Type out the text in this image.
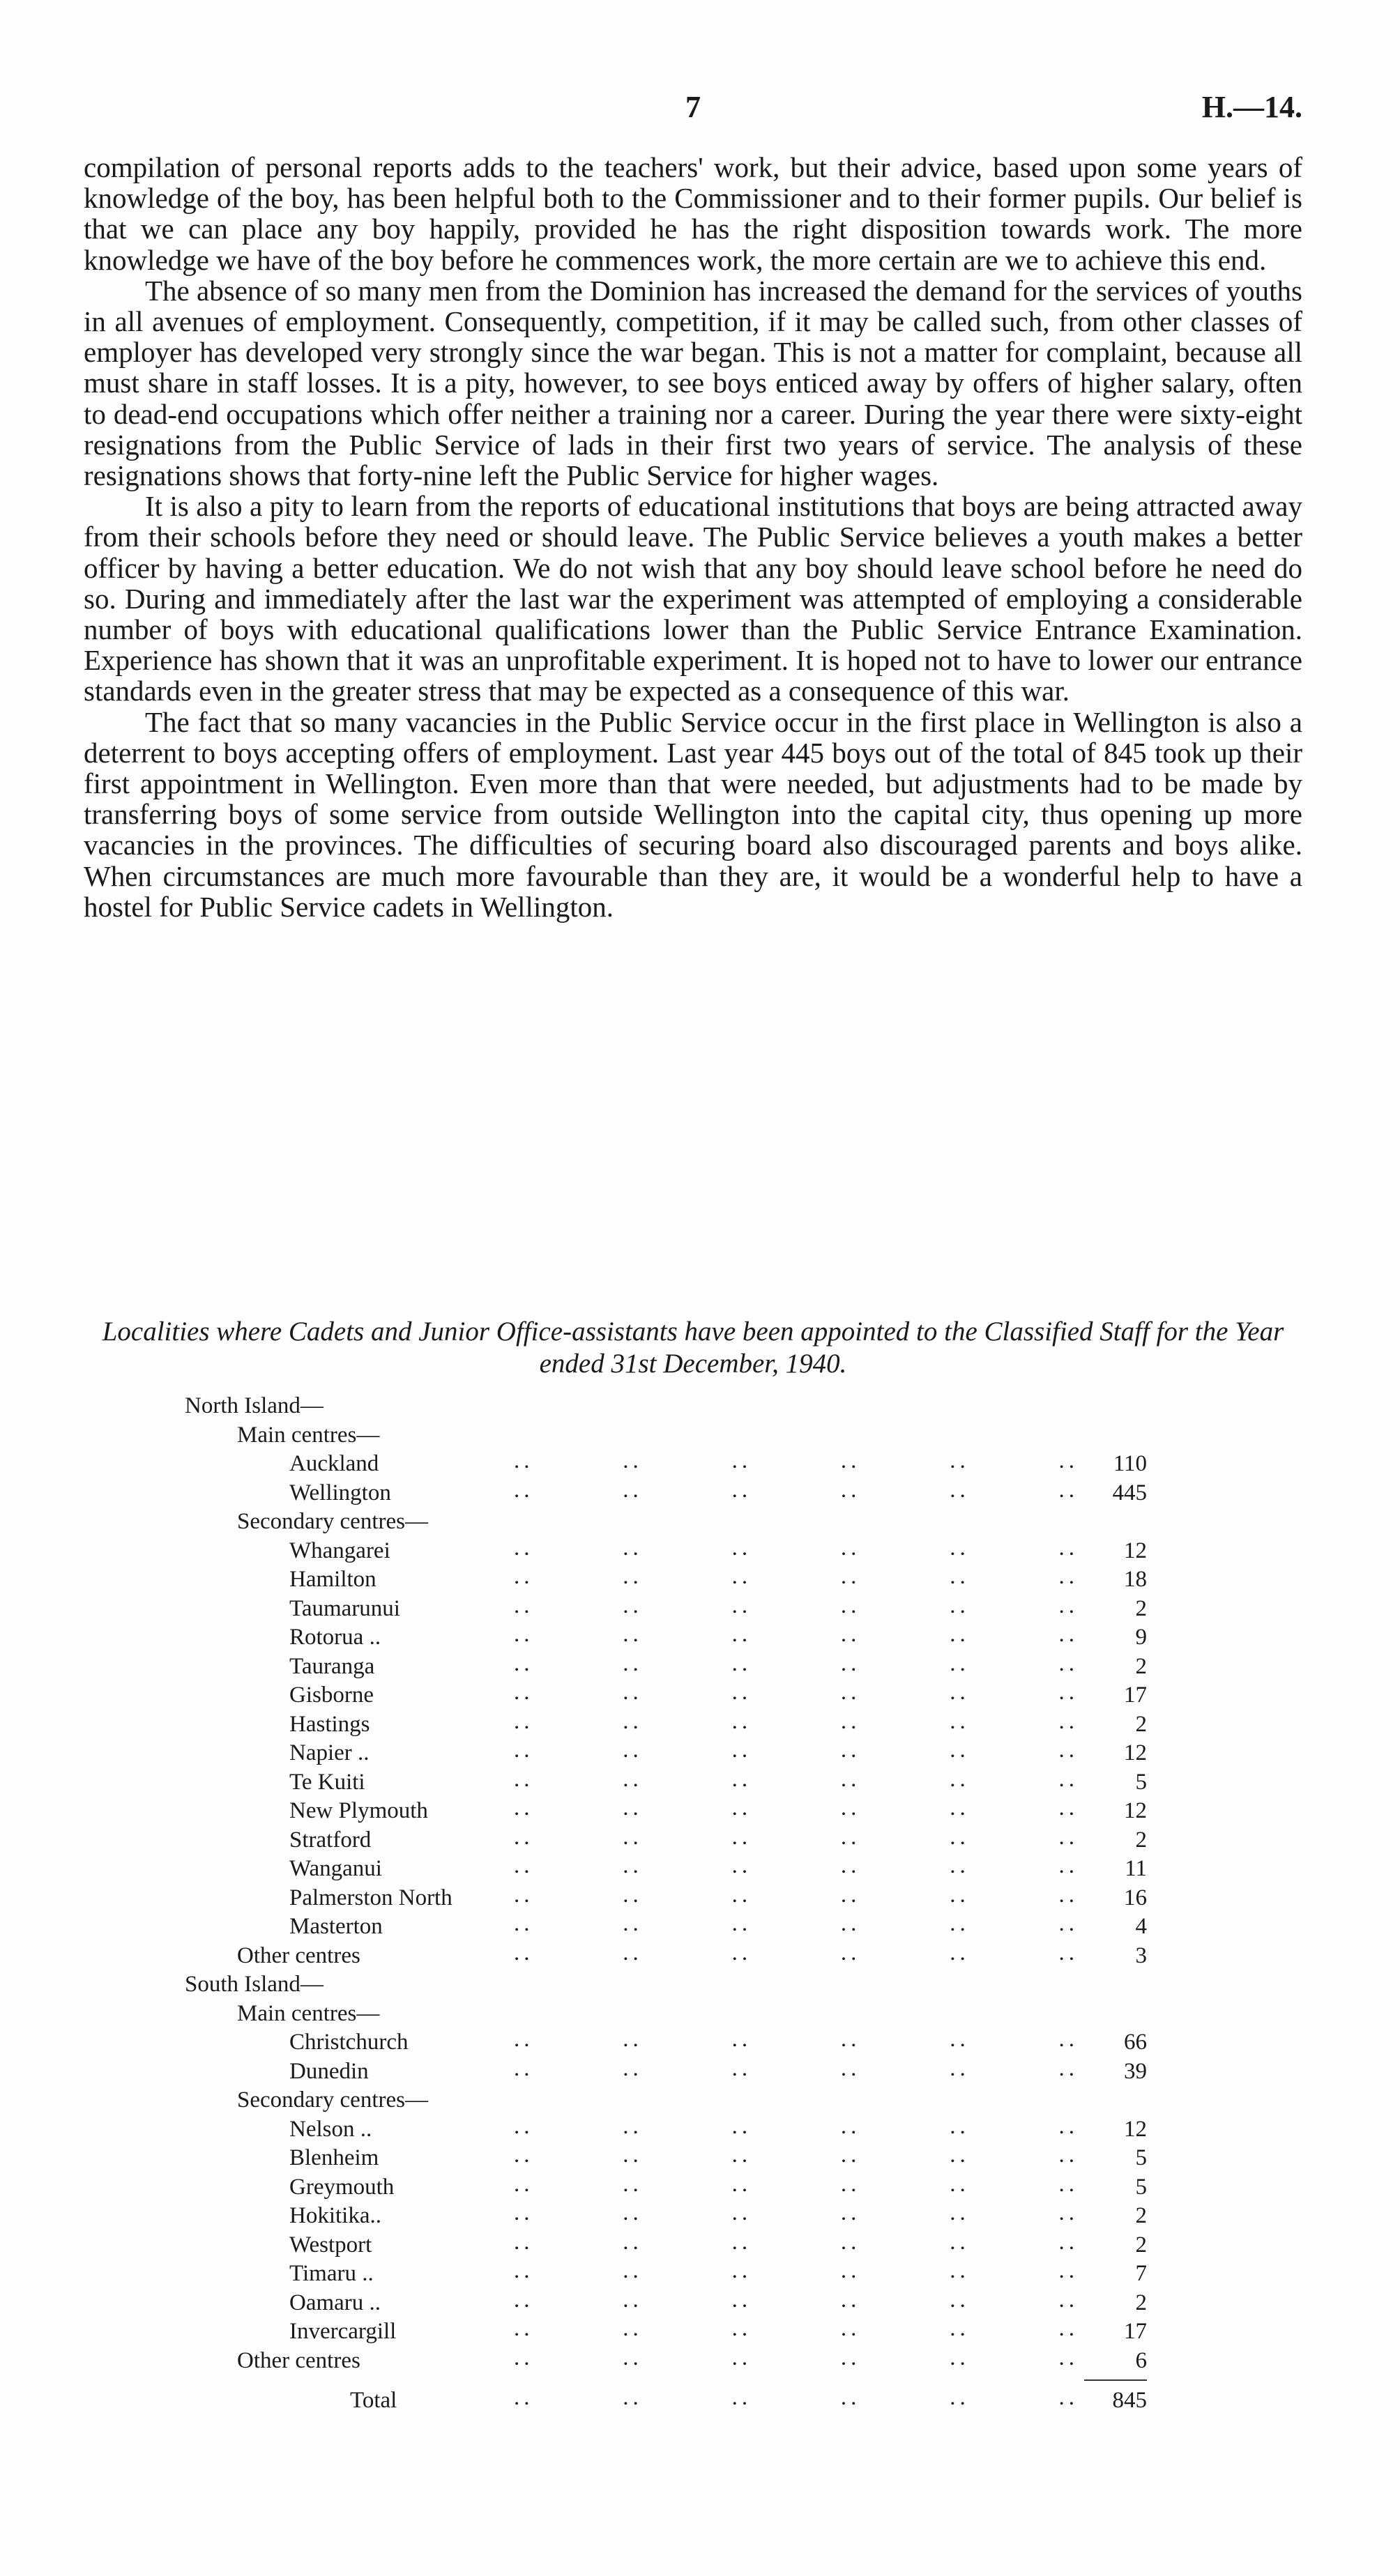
7	H.—14.

compilation of personal reports adds to the teachers' work, but their advice, based upon some years of knowledge of the boy, has been helpful both to the Commissioner and to their former pupils. Our belief is that we can place any boy happily, provided he has the right disposition towards work. The more knowledge we have of the boy before he commences work, the more certain are we to achieve this end.

The absence of so many men from the Dominion has increased the demand for the services of youths in all avenues of employment. Consequently, competition, if it may be called such, from other classes of employer has developed very strongly since the war began. This is not a matter for complaint, because all must share in staff losses. It is a pity, however, to see boys enticed away by offers of higher salary, often to dead-end occupations which offer neither a training nor a career. During the year there were sixty-eight resignations from the Public Service of lads in their first two years of service. The analysis of these resignations shows that forty-nine left the Public Service for higher wages.

It is also a pity to learn from the reports of educational institutions that boys are being attracted away from their schools before they need or should leave. The Public Service believes a youth makes a better officer by having a better education. We do not wish that any boy should leave school before he need do so. During and immediately after the last war the experiment was attempted of employing a considerable number of boys with educational qualifications lower than the Public Service Entrance Examination. Experience has shown that it was an unprofitable experiment. It is hoped not to have to lower our entrance standards even in the greater stress that may be expected as a consequence of this war.

The fact that so many vacancies in the Public Service occur in the first place in Wellington is also a deterrent to boys accepting offers of employment. Last year 445 boys out of the total of 845 took up their first appointment in Wellington. Even more than that were needed, but adjustments had to be made by transferring boys of some service from outside Wellington into the capital city, thus opening up more vacancies in the provinces. The difficulties of securing board also discouraged parents and boys alike. When circumstances are much more favourable than they are, it would be a wonderful help to have a hostel for Public Service cadets in Wellington.

Localities where Cadets and Junior Office-assistants have been appointed to the Classified Staff for the Year ended 31st December, 1940.
North Island—
Main centres—
Auckland	..	..	..	..	..	..	110
Wellington	..	..	..	..	..	..	445
Secondary centres—
Whangarei	..	..	..	..	..	..	12
Hamilton	..	..	..	..	..	..	18
Taumarunui	..	..	..	..	..	..	2
Rotorua ..	..	..	..	..	..	..	9
Tauranga	..	..	..	..	..	..	2
Gisborne	..	..	..	..	..	..	17
Hastings	..	..	..	..	..	..	2
Napier ..	..	..	..	..	..	..	12
Te Kuiti	..	..	..	..	..	..	5
New Plymouth	..	..	..	..	..	..	12
Stratford	..	..	..	..	..	..	2
Wanganui	..	..	..	..	..	..	11
Palmerston North	..	..	..	..	..	..	16
Masterton	..	..	..	..	..	..	4
Other centres	..	..	..	..	..	..	3
South Island—
Main centres—
Christchurch	..	..	..	..	..	..	66
Dunedin	..	..	..	..	..	..	39
Secondary centres—
Nelson ..	..	..	..	..	..	..	12
Blenheim	..	..	..	..	..	..	5
Greymouth	..	..	..	..	..	..	5
Hokitika..	..	..	..	..	..	..	2
Westport	..	..	..	..	..	..	2
Timaru ..	..	..	..	..	..	..	7
Oamaru ..	..	..	..	..	..	..	2
Invercargill	..	..	..	..	..	..	17
Other centres	..	..	..	..	..	..	6
Total	..	..	..	..	..	..	845
